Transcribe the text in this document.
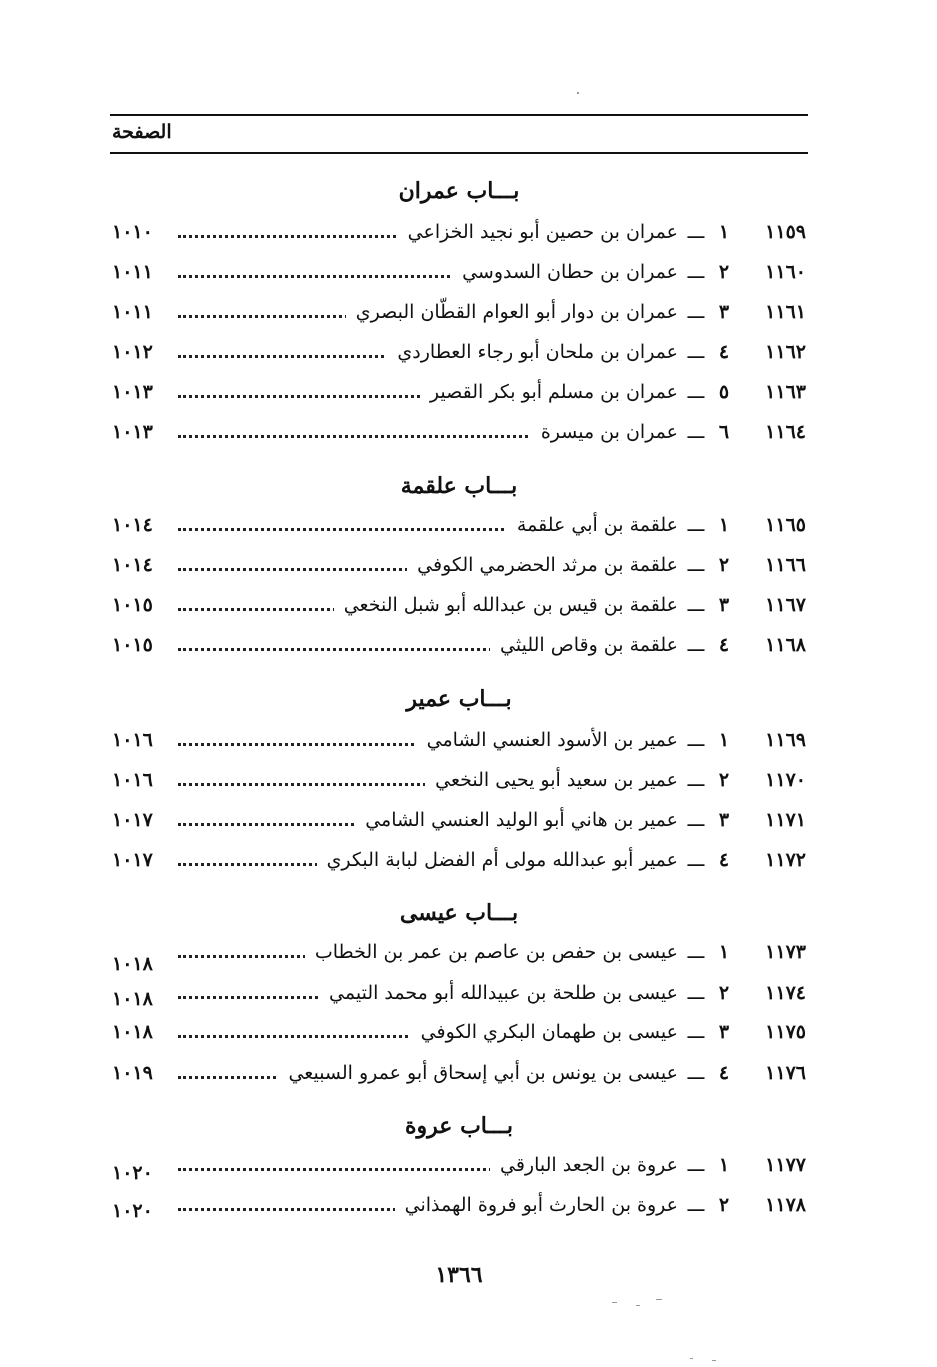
الصفحة
بـــاب عمران
١١٥٩
١
ـــ
عمران بن حصين أبو نجيد الخزاعي
١٠١٠
١١٦٠
٢
ـــ
عمران بن حطان السدوسي
١٠١١
١١٦١
٣
ـــ
عمران بن دوار أبو العوام القطّان البصري
١٠١١
١١٦٢
٤
ـــ
عمران بن ملحان أبو رجاء العطاردي
١٠١٢
١١٦٣
٥
ـــ
عمران بن مسلم أبو بكر القصير
١٠١٣
١١٦٤
٦
ـــ
عمران بن ميسرة
١٠١٣
بـــاب علقمة
١١٦٥
١
ـــ
علقمة بن أبي علقمة
١٠١٤
١١٦٦
٢
ـــ
علقمة بن مرثد الحضرمي الكوفي
١٠١٤
١١٦٧
٣
ـــ
علقمة بن قيس بن عبدالله أبو شبل النخعي
١٠١٥
١١٦٨
٤
ـــ
علقمة بن وقاص الليثي
١٠١٥
بـــاب عمير
١١٦٩
١
ـــ
عمير بن الأسود العنسي الشامي
١٠١٦
١١٧٠
٢
ـــ
عمير بن سعيد أبو يحيى النخعي
١٠١٦
١١٧١
٣
ـــ
عمير بن هاني أبو الوليد العنسي الشامي
١٠١٧
١١٧٢
٤
ـــ
عمير أبو عبدالله مولى أم الفضل لبابة البكري
١٠١٧
بـــاب عيسى
١١٧٣
١
ـــ
عيسى بن حفص بن عاصم بن عمر بن الخطاب
١٠١٨
١١٧٤
٢
ـــ
عيسى بن طلحة بن عبيدالله أبو محمد التيمي
١٠١٨
١١٧٥
٣
ـــ
عيسى بن طهمان البكري الكوفي
١٠١٨
١١٧٦
٤
ـــ
عيسى بن يونس بن أبي إسحاق أبو عمرو السبيعي
١٠١٩
بـــاب عروة
١١٧٧
١
ـــ
عروة بن الجعد البارقي
١٠٢٠
١١٧٨
٢
ـــ
عروة بن الحارث أبو فروة الهمذاني
١٠٢٠
١٣٦٦
